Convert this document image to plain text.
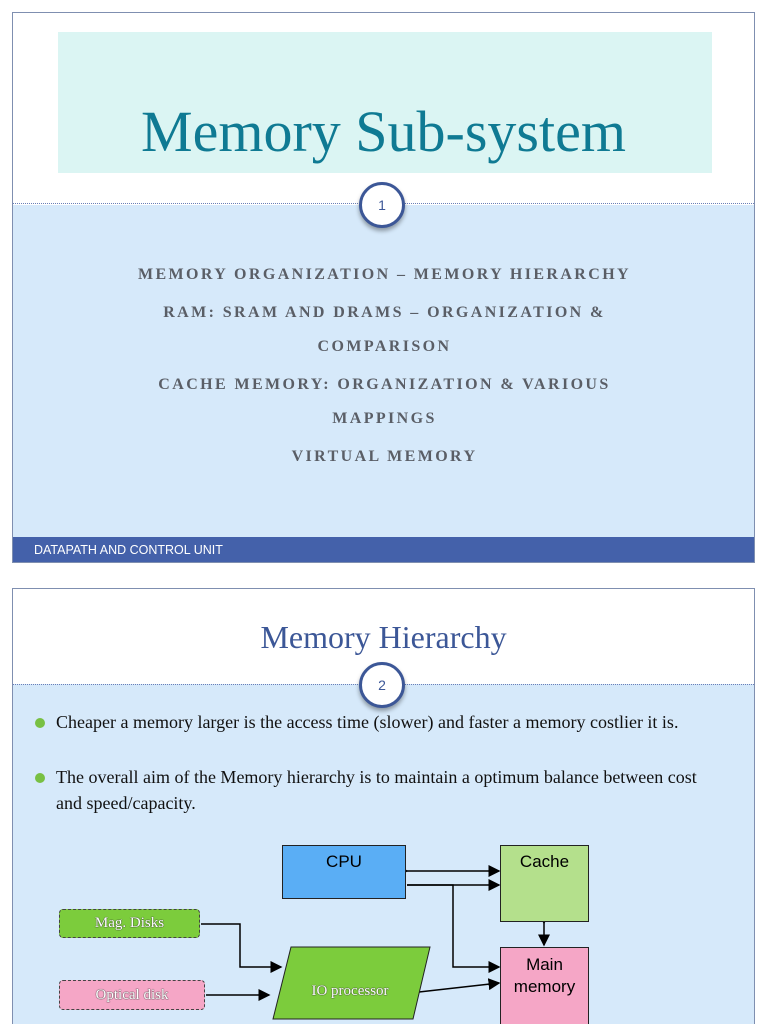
Memory Sub-system
1
MEMORY ORGANIZATION – MEMORY HIERARCHY
RAM: SRAM AND DRAMS – ORGANIZATION &
COMPARISON
CACHE MEMORY: ORGANIZATION & VARIOUS
MAPPINGS
VIRTUAL MEMORY
DATAPATH AND CONTROL UNIT
Memory Hierarchy
2
Cheaper a memory larger is the access time (slower) and faster a memory costlier it is.
The overall aim of the Memory hierarchy is to maintain a optimum balance between cost and speed/capacity.
CPU	Cache
Main memory
Mag. Disks
Optical disk	IO processor
